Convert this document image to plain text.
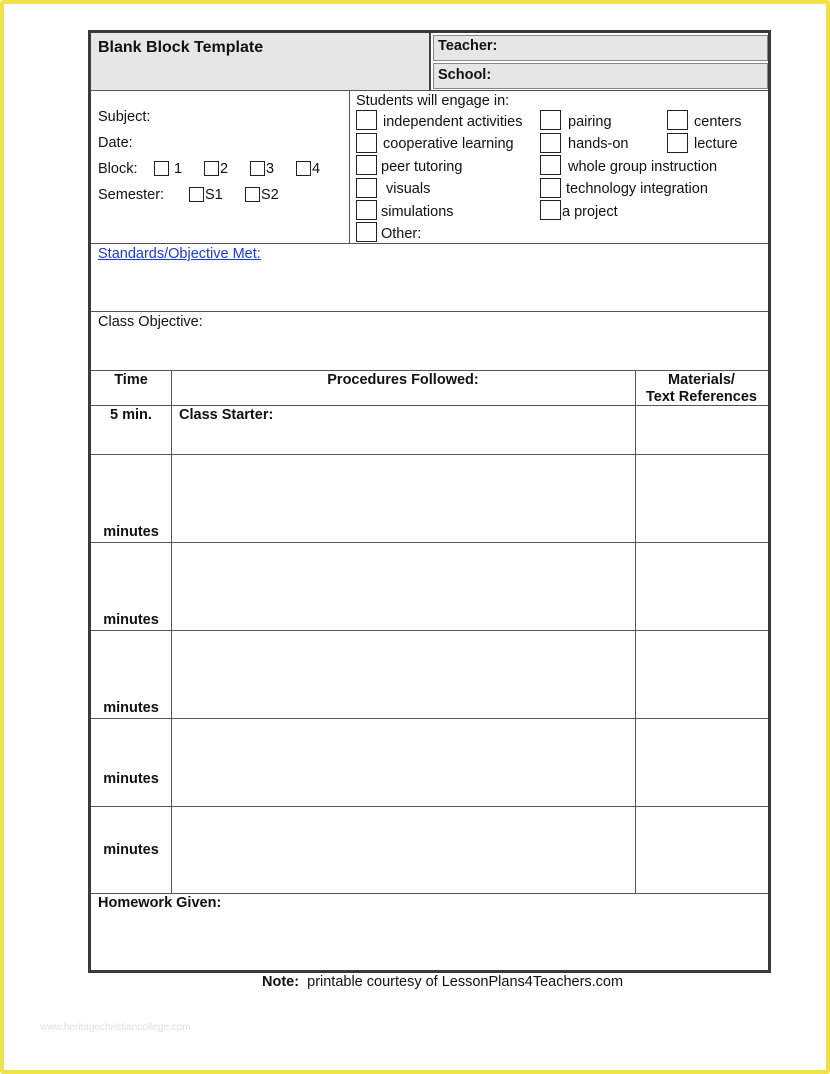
Blank Block Template	Teacher:
School:
Subject:
Date:
Block:	1	2	3	4
Semester:	S1	S2
Students will engage in:
independent activities
cooperative learning
peer tutoring
visuals
simulations
Other:
pairing
hands-on
whole group instruction
technology integration
a project
centers
lecture
Standards/Objective Met:
Class Objective:
Time	Procedures Followed:	Materials/
Text References
5 min.	Class Starter:
minutes
minutes
minutes
minutes
minutes
Homework Given:
Note: printable courtesy of LessonPlans4Teachers.com
www.heritagechristiancollege.com
